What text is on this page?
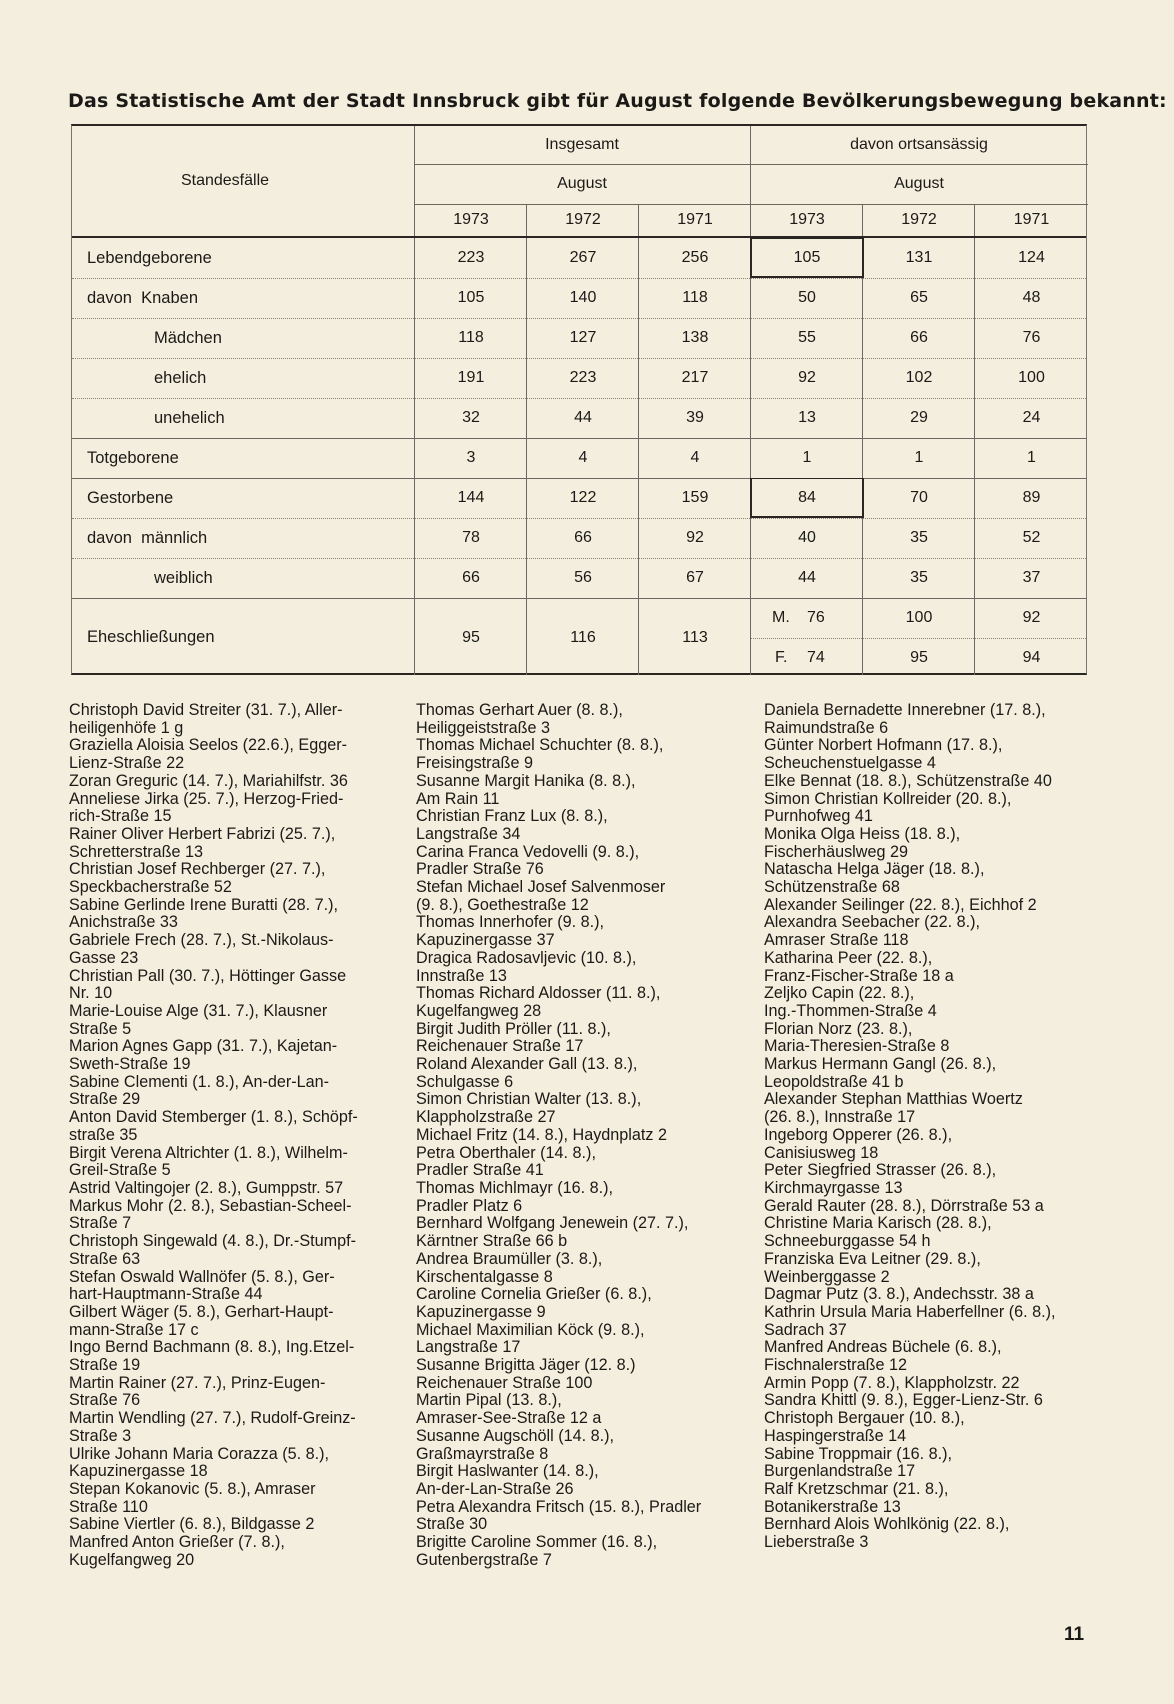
Das Statistische Amt der Stadt Innsbruck gibt für August folgende Bevölkerungsbewegung bekannt:
Standesfälle
Insgesamt	davon ortsansässig
August	August
1973	1972	1971	1973	1972	1971
Lebendgeborene	223	267	256	105	131	124
davon  Knaben	105	140	118	50	65	48
Mädchen	118	127	138	55	66	76
ehelich	191	223	217	92	102	100
unehelich	32	44	39	13	29	24
Totgeborene	3	4	4	1	1	1
Gestorbene	144	122	159	84	70	89
davon  männlich	78	66	92	40	35	52
weiblich	66	56	67	44	35	37
Eheschließungen	95	116	113
M. 76	100	92
F. 74	95	94
Christoph David Streiter (31. 7.), Aller-
heiligenhöfe 1 g
Graziella Aloisia Seelos (22.6.), Egger-
Lienz-Straße 22
Zoran Greguric (14. 7.), Mariahilfstr. 36
Anneliese Jirka (25. 7.), Herzog-Fried-
rich-Straße 15
Rainer Oliver Herbert Fabrizi (25. 7.),
Schretterstraße 13
Christian Josef Rechberger (27. 7.),
Speckbacherstraße 52
Sabine Gerlinde Irene Buratti (28. 7.),
Anichstraße 33
Gabriele Frech (28. 7.), St.-Nikolaus-
Gasse 23
Christian Pall (30. 7.), Höttinger Gasse
Nr. 10
Marie-Louise Alge (31. 7.), Klausner
Straße 5
Marion Agnes Gapp (31. 7.), Kajetan-
Sweth-Straße 19
Sabine Clementi (1. 8.), An-der-Lan-
Straße 29
Anton David Stemberger (1. 8.), Schöpf-
straße 35
Birgit Verena Altrichter (1. 8.), Wilhelm-
Greil-Straße 5
Astrid Valtingojer (2. 8.), Gumppstr. 57
Markus Mohr (2. 8.), Sebastian-Scheel-
Straße 7
Christoph Singewald (4. 8.), Dr.-Stumpf-
Straße 63
Stefan Oswald Wallnöfer (5. 8.), Ger-
hart-Hauptmann-Straße 44
Gilbert Wäger (5. 8.), Gerhart-Haupt-
mann-Straße 17 c
Ingo Bernd Bachmann (8. 8.), Ing.Etzel-
Straße 19
Martin Rainer (27. 7.), Prinz-Eugen-
Straße 76
Martin Wendling (27. 7.), Rudolf-Greinz-
Straße 3
Ulrike Johann Maria Corazza (5. 8.),
Kapuzinergasse 18
Stepan Kokanovic (5. 8.), Amraser
Straße 110
Sabine Viertler (6. 8.), Bildgasse 2
Manfred Anton Grießer (7. 8.),
Kugelfangweg 20
Thomas Gerhart Auer (8. 8.),
Heiliggeiststraße 3
Thomas Michael Schuchter (8. 8.),
Freisingstraße 9
Susanne Margit Hanika (8. 8.),
Am Rain 11
Christian Franz Lux (8. 8.),
Langstraße 34
Carina Franca Vedovelli (9. 8.),
Pradler Straße 76
Stefan Michael Josef Salvenmoser
(9. 8.), Goethestraße 12
Thomas Innerhofer (9. 8.),
Kapuzinergasse 37
Dragica Radosavljevic (10. 8.),
Innstraße 13
Thomas Richard Aldosser (11. 8.),
Kugelfangweg 28
Birgit Judith Pröller (11. 8.),
Reichenauer Straße 17
Roland Alexander Gall (13. 8.),
Schulgasse 6
Simon Christian Walter (13. 8.),
Klappholzstraße 27
Michael Fritz (14. 8.), Haydnplatz 2
Petra Oberthaler (14. 8.),
Pradler Straße 41
Thomas Michlmayr (16. 8.),
Pradler Platz 6
Bernhard Wolfgang Jenewein (27. 7.),
Kärntner Straße 66 b
Andrea Braumüller (3. 8.),
Kirschentalgasse 8
Caroline Cornelia Grießer (6. 8.),
Kapuzinergasse 9
Michael Maximilian Köck (9. 8.),
Langstraße 17
Susanne Brigitta Jäger (12. 8.)
Reichenauer Straße 100
Martin Pipal (13. 8.),
Amraser-See-Straße 12 a
Susanne Augschöll (14. 8.),
Graßmayrstraße 8
Birgit Haslwanter (14. 8.),
An-der-Lan-Straße 26
Petra Alexandra Fritsch (15. 8.), Pradler
Straße 30
Brigitte Caroline Sommer (16. 8.),
Gutenbergstraße 7
Daniela Bernadette Innerebner (17. 8.),
Raimundstraße 6
Günter Norbert Hofmann (17. 8.),
Scheuchenstuelgasse 4
Elke Bennat (18. 8.), Schützenstraße 40
Simon Christian Kollreider (20. 8.),
Purnhofweg 41
Monika Olga Heiss (18. 8.),
Fischerhäuslweg 29
Natascha Helga Jäger (18. 8.),
Schützenstraße 68
Alexander Seilinger (22. 8.), Eichhof 2
Alexandra Seebacher (22. 8.),
Amraser Straße 118
Katharina Peer (22. 8.),
Franz-Fischer-Straße 18 a
Zeljko Capin (22. 8.),
Ing.-Thommen-Straße 4
Florian Norz (23. 8.),
Maria-Theresien-Straße 8
Markus Hermann Gangl (26. 8.),
Leopoldstraße 41 b
Alexander Stephan Matthias Woertz
(26. 8.), Innstraße 17
Ingeborg Opperer (26. 8.),
Canisiusweg 18
Peter Siegfried Strasser (26. 8.),
Kirchmayrgasse 13
Gerald Rauter (28. 8.), Dörrstraße 53 a
Christine Maria Karisch (28. 8.),
Schneeburggasse 54 h
Franziska Eva Leitner (29. 8.),
Weinberggasse 2
Dagmar Putz (3. 8.), Andechsstr. 38 a
Kathrin Ursula Maria Haberfellner (6. 8.),
Sadrach 37
Manfred Andreas Büchele (6. 8.),
Fischnalerstraße 12
Armin Popp (7. 8.), Klappholzstr. 22
Sandra Khittl (9. 8.), Egger-Lienz-Str. 6
Christoph Bergauer (10. 8.),
Haspingerstraße 14
Sabine Troppmair (16. 8.),
Burgenlandstraße 17
Ralf Kretzschmar (21. 8.),
Botanikerstraße 13
Bernhard Alois Wohlkönig (22. 8.),
Lieberstraße 3
11
